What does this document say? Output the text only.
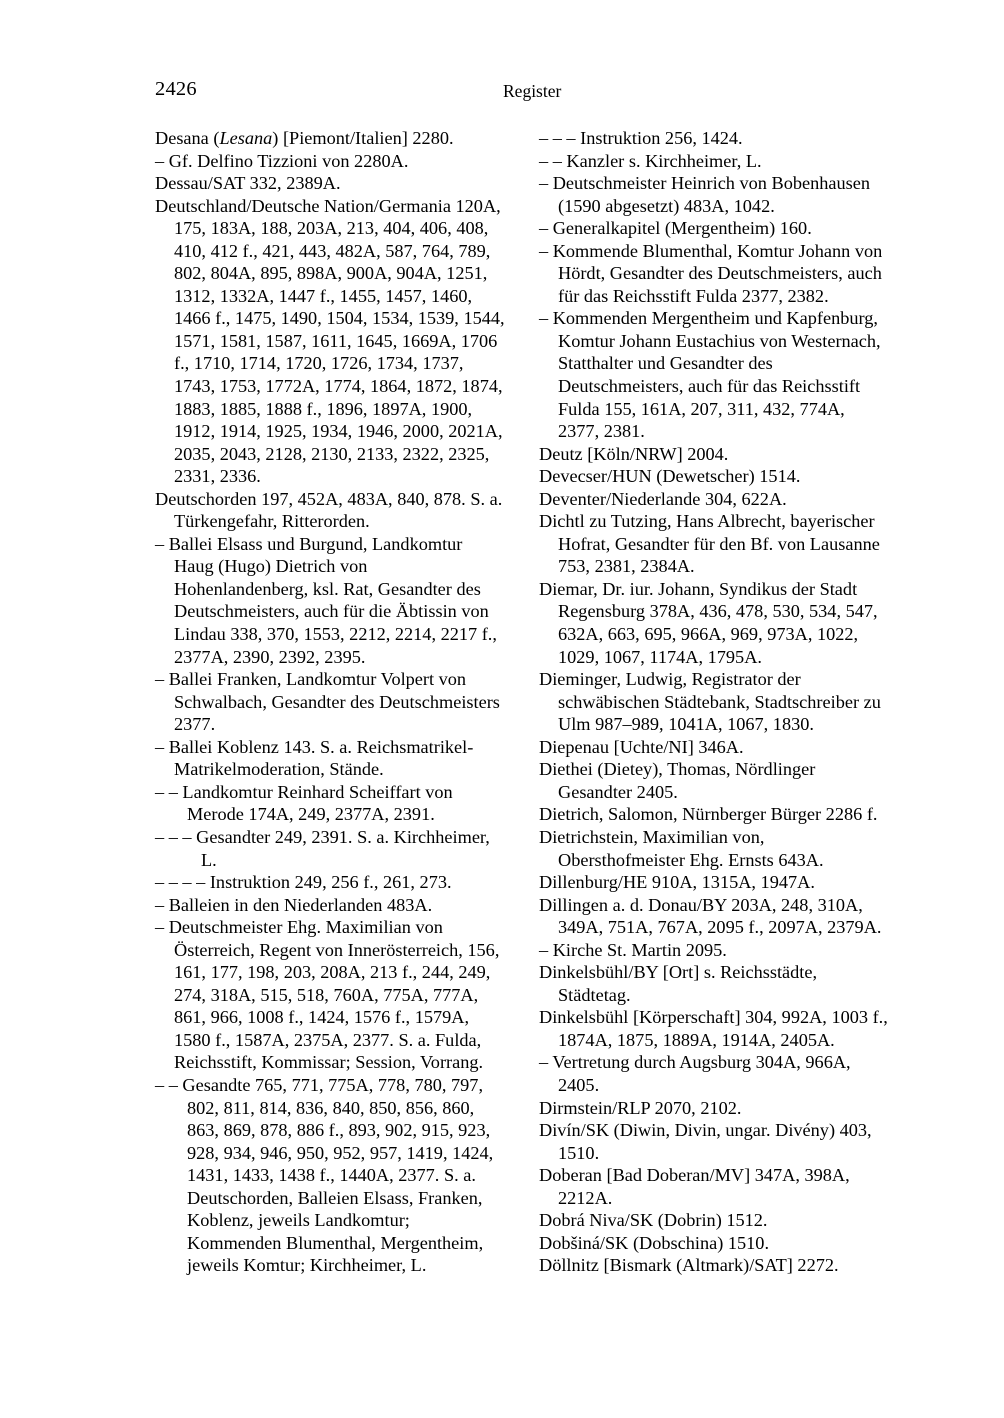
2426	Register

Desana (Lesana) [Piemont/Italien] 2280.

– Gf. Delfino Tizzioni von 2280A.

Dessau/SAT 332, 2389A.

Deutschland/Deutsche Nation/Germania 120A, 175, 183A, 188, 203A, 213, 404, 406, 408, 410, 412 f., 421, 443, 482A, 587, 764, 789, 802, 804A, 895, 898A, 900A, 904A, 1251, 1312, 1332A, 1447 f., 1455, 1457, 1460, 1466 f., 1475, 1490, 1504, 1534, 1539, 1544, 1571, 1581, 1587, 1611, 1645, 1669A, 1706 f., 1710, 1714, 1720, 1726, 1734, 1737, 1743, 1753, 1772A, 1774, 1864, 1872, 1874, 1883, 1885, 1888 f., 1896, 1897A, 1900, 1912, 1914, 1925, 1934, 1946, 2000, 2021A, 2035, 2043, 2128, 2130, 2133, 2322, 2325, 2331, 2336.

Deutschorden 197, 452A, 483A, 840, 878. S. a. Türkengefahr, Ritterorden.

– Ballei Elsass und Burgund, Landkomtur Haug (Hugo) Dietrich von Hohenlandenberg, ksl. Rat, Gesandter des Deutschmeisters, auch für die Äbtissin von Lindau 338, 370, 1553, 2212, 2214, 2217 f., 2377A, 2390, 2392, 2395.

– Ballei Franken, Landkomtur Volpert von Schwalbach, Gesandter des Deutschmeisters 2377.

– Ballei Koblenz 143. S. a. Reichsmatrikel-Matrikelmoderation, Stände.

– – Landkomtur Reinhard Scheiffart von Merode 174A, 249, 2377A, 2391.

– – – Gesandter 249, 2391. S. a. Kirchheimer, L.

– – – – Instruktion 249, 256 f., 261, 273.

– Balleien in den Niederlanden 483A.

– Deutschmeister Ehg. Maximilian von Österreich, Regent von Innerösterreich, 156, 161, 177, 198, 203, 208A, 213 f., 244, 249, 274, 318A, 515, 518, 760A, 775A, 777A, 861, 966, 1008 f., 1424, 1576 f., 1579A, 1580 f., 1587A, 2375A, 2377. S. a. Fulda, Reichsstift, Kommissar; Session, Vorrang.

– – Gesandte 765, 771, 775A, 778, 780, 797, 802, 811, 814, 836, 840, 850, 856, 860, 863, 869, 878, 886 f., 893, 902, 915, 923, 928, 934, 946, 950, 952, 957, 1419, 1424, 1431, 1433, 1438 f., 1440A, 2377. S. a. Deutschorden, Balleien Elsass, Franken, Koblenz, jeweils Landkomtur; Kommenden Blumenthal, Mergentheim, jeweils Komtur; Kirchheimer, L.

– – – Instruktion 256, 1424.

– – Kanzler s. Kirchheimer, L.

– Deutschmeister Heinrich von Bobenhausen (1590 abgesetzt) 483A, 1042.

– Generalkapitel (Mergentheim) 160.

– Kommende Blumenthal, Komtur Johann von Hördt, Gesandter des Deutschmeisters, auch für das Reichsstift Fulda 2377, 2382.

– Kommenden Mergentheim und Kapfenburg, Komtur Johann Eustachius von Westernach, Statthalter und Gesandter des Deutschmeisters, auch für das Reichsstift Fulda 155, 161A, 207, 311, 432, 774A, 2377, 2381.

Deutz [Köln/NRW] 2004.

Devecser/HUN (Dewetscher) 1514.

Deventer/Niederlande 304, 622A.

Dichtl zu Tutzing, Hans Albrecht, bayerischer Hofrat, Gesandter für den Bf. von Lausanne 753, 2381, 2384A.

Diemar, Dr. iur. Johann, Syndikus der Stadt Regensburg 378A, 436, 478, 530, 534, 547, 632A, 663, 695, 966A, 969, 973A, 1022, 1029, 1067, 1174A, 1795A.

Dieminger, Ludwig, Registrator der schwäbischen Städtebank, Stadtschreiber zu Ulm 987–989, 1041A, 1067, 1830.

Diepenau [Uchte/NI] 346A.

Diethei (Dietey), Thomas, Nördlinger Gesandter 2405.

Dietrich, Salomon, Nürnberger Bürger 2286 f.

Dietrichstein, Maximilian von, Obersthofmeister Ehg. Ernsts 643A.

Dillenburg/HE 910A, 1315A, 1947A.

Dillingen a. d. Donau/BY 203A, 248, 310A, 349A, 751A, 767A, 2095 f., 2097A, 2379A.

– Kirche St. Martin 2095.

Dinkelsbühl/BY [Ort] s. Reichsstädte, Städtetag.

Dinkelsbühl [Körperschaft] 304, 992A, 1003 f., 1874A, 1875, 1889A, 1914A, 2405A.

– Vertretung durch Augsburg 304A, 966A, 2405.

Dirmstein/RLP 2070, 2102.

Divín/SK (Diwin, Divin, ungar. Divény) 403, 1510.

Doberan [Bad Doberan/MV] 347A, 398A, 2212A.

Dobrá Niva/SK (Dobrin) 1512.

Dobšiná/SK (Dobschina) 1510.

Döllnitz [Bismark (Altmark)/SAT] 2272.
